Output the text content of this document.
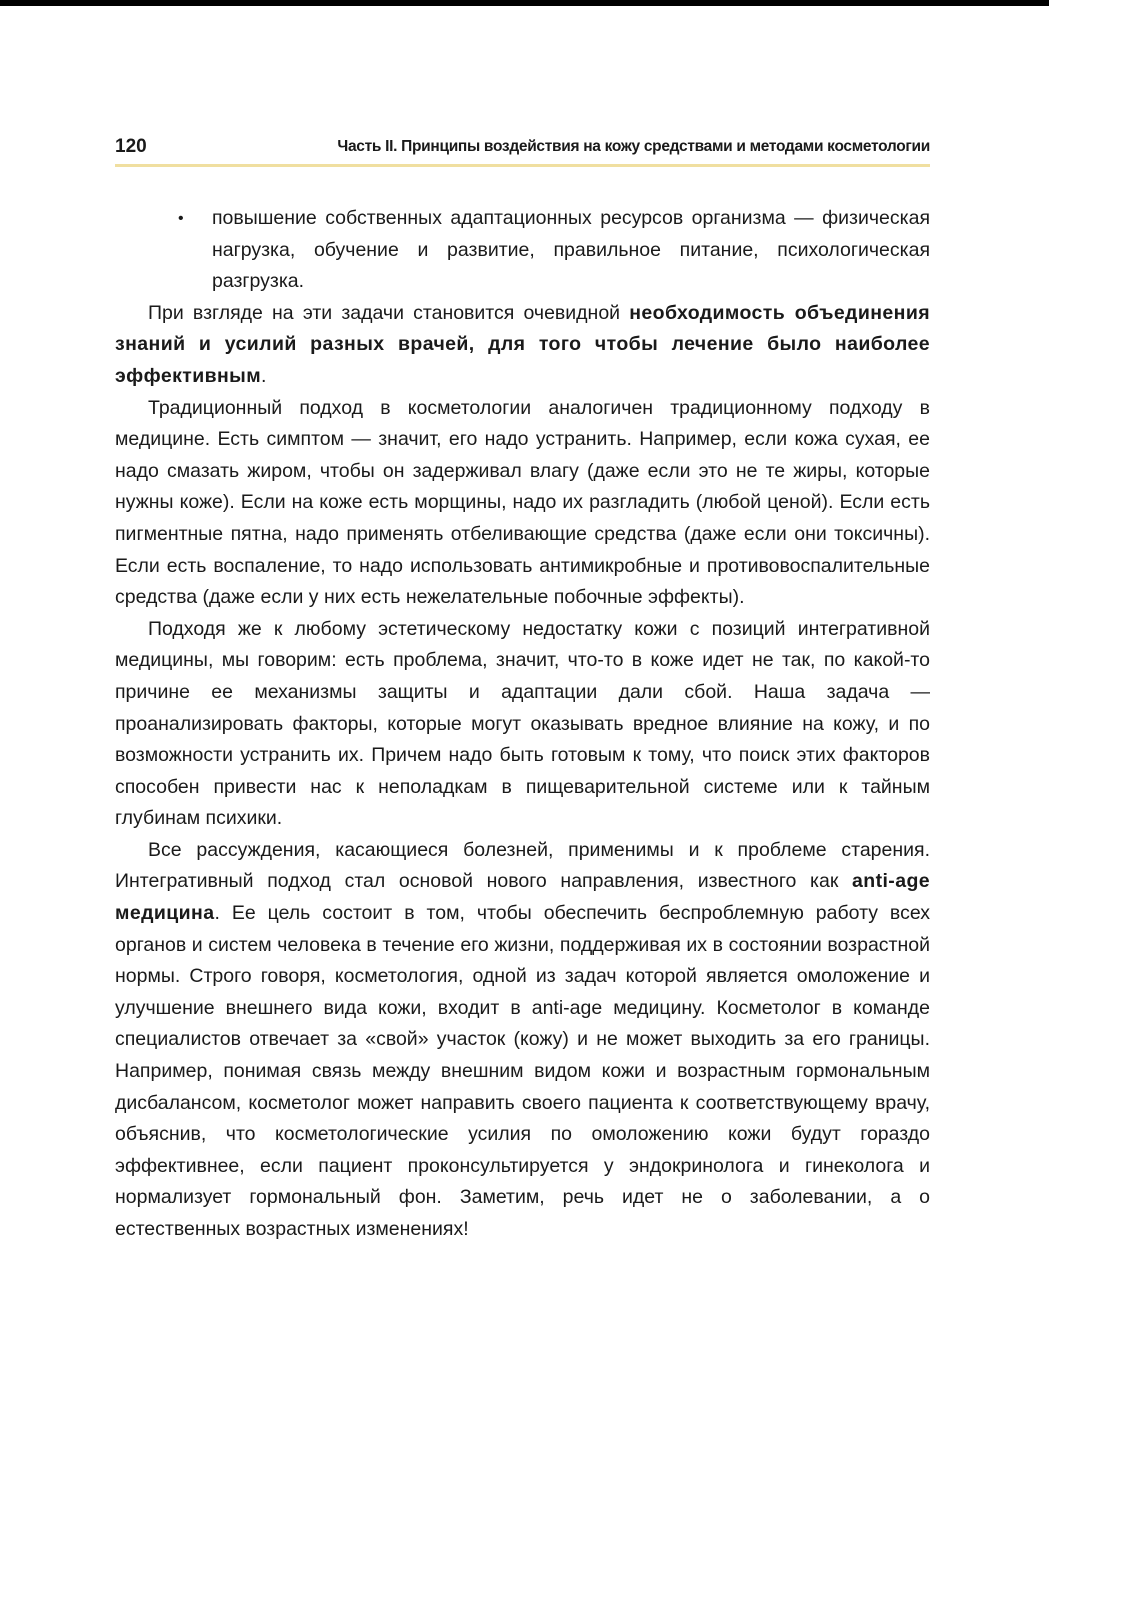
120	Часть II. Принципы воздействия на кожу средствами и методами косметологии
• повышение собственных адаптационных ресурсов организма — физическая нагрузка, обучение и развитие, правильное питание, психологическая разгрузка.

При взгляде на эти задачи становится очевидной необходимость объединения знаний и усилий разных врачей, для того чтобы лечение было наиболее эффективным.

Традиционный подход в косметологии аналогичен традиционному подходу в медицине. Есть симптом — значит, его надо устранить. Например, если кожа сухая, ее надо смазать жиром, чтобы он задерживал влагу (даже если это не те жиры, которые нужны коже). Если на коже есть морщины, надо их разгладить (любой ценой). Если есть пигментные пятна, надо применять отбеливающие средства (даже если они токсичны). Если есть воспаление, то надо использовать антимикробные и противовоспалительные средства (даже если у них есть нежелательные побочные эффекты).

Подходя же к любому эстетическому недостатку кожи с позиций интегративной медицины, мы говорим: есть проблема, значит, что-то в коже идет не так, по какой-то причине ее механизмы защиты и адаптации дали сбой. Наша задача — проанализировать факторы, которые могут оказывать вредное влияние на кожу, и по возможности устранить их. Причем надо быть готовым к тому, что поиск этих факторов способен привести нас к неполадкам в пищеварительной системе или к тайным глубинам психики.

Все рассуждения, касающиеся болезней, применимы и к проблеме старения. Интегративный подход стал основой нового направления, известного как anti-age медицина. Ее цель состоит в том, чтобы обеспечить беспроблемную работу всех органов и систем человека в течение его жизни, поддерживая их в состоянии возрастной нормы. Строго говоря, косметология, одной из задач которой является омоложение и улучшение внешнего вида кожи, входит в anti-age медицину. Косметолог в команде специалистов отвечает за «свой» участок (кожу) и не может выходить за его границы. Например, понимая связь между внешним видом кожи и возрастным гормональным дисбалансом, косметолог может направить своего пациента к соответствующему врачу, объяснив, что косметологические усилия по омоложению кожи будут гораздо эффективнее, если пациент проконсультируется у эндокринолога и гинеколога и нормализует гормональный фон. Заметим, речь идет не о заболевании, а о естественных возрастных изменениях!
